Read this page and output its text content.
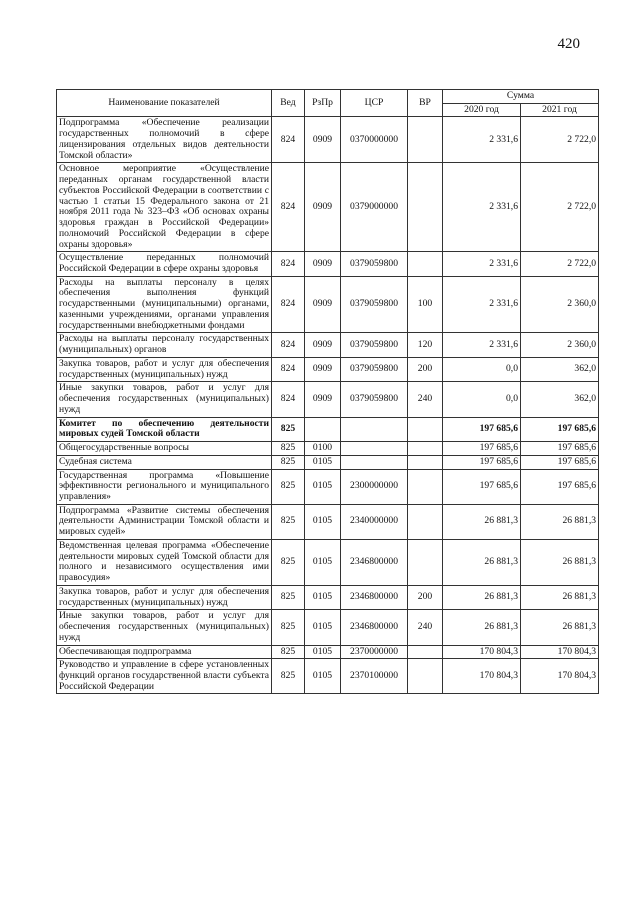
420
Наименование показателей	Вед	РзПр	ЦСР	ВР	Сумма	
					2020 год	2021 год
Подпрограмма «Обеспечение реализации государственных полномочий в сфере лицензирования отдельных видов деятельности Томской области»	824	0909	0370000000		2 331,6	2 722,0
Основное мероприятие «Осуществление переданных органам государственной власти субъектов Российской Федерации в соответствии с частью 1 статьи 15 Федерального закона от 21 ноября 2011 года № 323–ФЗ «Об основах охраны здоровья граждан в Российской Федерации» полномочий Российской Федерации в сфере охраны здоровья»	824	0909	0379000000		2 331,6	2 722,0
Осуществление переданных полномочий Российской Федерации в сфере охраны здоровья	824	0909	0379059800		2 331,6	2 722,0
Расходы на выплаты персоналу в целях обеспечения выполнения функций государственными (муниципальными) органами, казенными учреждениями, органами управления государственными внебюджетными фондами	824	0909	0379059800	100	2 331,6	2 360,0
Расходы на выплаты персоналу государственных (муниципальных) органов	824	0909	0379059800	120	2 331,6	2 360,0
Закупка товаров, работ и услуг для обеспечения государственных (муниципальных) нужд	824	0909	0379059800	200	0,0	362,0
Иные закупки товаров, работ и услуг для обеспечения государственных (муниципальных) нужд	824	0909	0379059800	240	0,0	362,0
Комитет по обеспечению деятельности мировых судей Томской области	825				197 685,6	197 685,6
Общегосударственные вопросы	825	0100			197 685,6	197 685,6
Судебная система	825	0105			197 685,6	197 685,6
Государственная программа «Повышение эффективности регионального и муниципального управления»	825	0105	2300000000		197 685,6	197 685,6
Подпрограмма «Развитие системы обеспечения деятельности Администрации Томской области и мировых судей»	825	0105	2340000000		26 881,3	26 881,3
Ведомственная целевая программа «Обеспечение деятельности мировых судей Томской области для полного и независимого осуществления ими правосудия»	825	0105	2346800000		26 881,3	26 881,3
Закупка товаров, работ и услуг для обеспечения государственных (муниципальных) нужд	825	0105	2346800000	200	26 881,3	26 881,3
Иные закупки товаров, работ и услуг для обеспечения государственных (муниципальных) нужд	825	0105	2346800000	240	26 881,3	26 881,3
Обеспечивающая подпрограмма	825	0105	2370000000		170 804,3	170 804,3
Руководство и управление в сфере установленных функций органов государственной власти субъекта Российской Федерации	825	0105	2370100000		170 804,3	170 804,3
